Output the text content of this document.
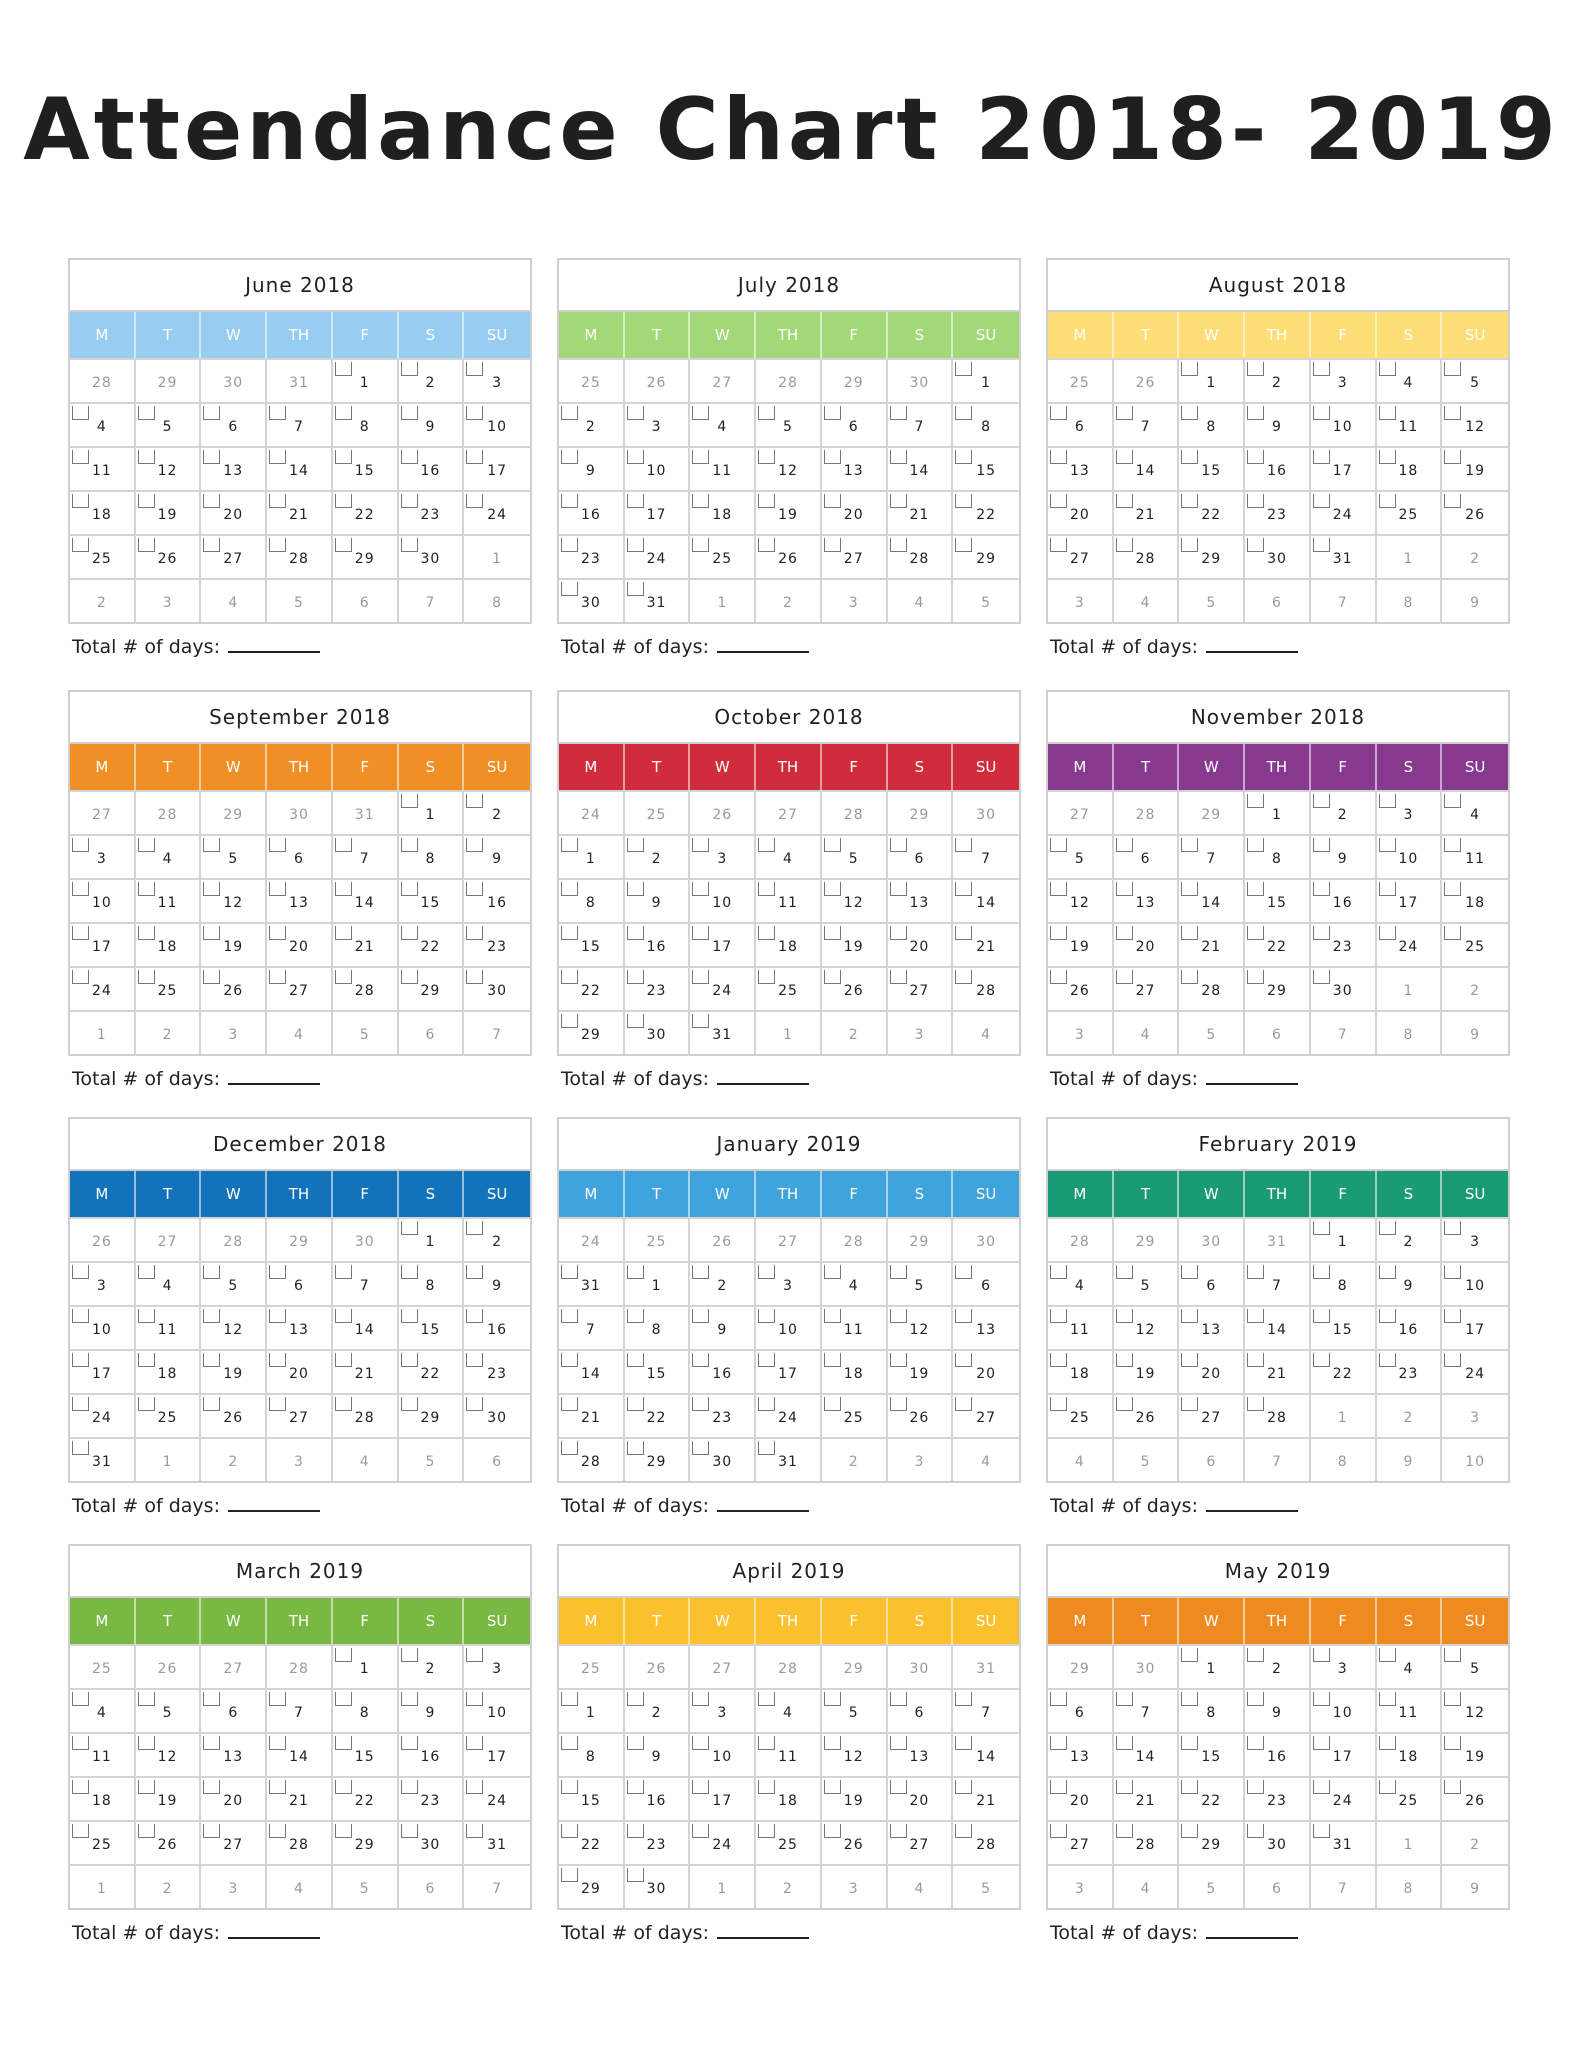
Attendance Chart 2018- 2019
June 2018
M	T	W	TH	F	S	SU
28	29	30	31	1	2	3
4	5	6	7	8	9	10
11	12	13	14	15	16	17
18	19	20	21	22	23	24
25	26	27	28	29	30	1
2	3	4	5	6	7	8
Total # of days:
July 2018
M	T	W	TH	F	S	SU
25	26	27	28	29	30	1
2	3	4	5	6	7	8
9	10	11	12	13	14	15
16	17	18	19	20	21	22
23	24	25	26	27	28	29
30	31	1	2	3	4	5
Total # of days:
August 2018
M	T	W	TH	F	S	SU
25	26	1	2	3	4	5
6	7	8	9	10	11	12
13	14	15	16	17	18	19
20	21	22	23	24	25	26
27	28	29	30	31	1	2
3	4	5	6	7	8	9
Total # of days:
September 2018
M	T	W	TH	F	S	SU
27	28	29	30	31	1	2
3	4	5	6	7	8	9
10	11	12	13	14	15	16
17	18	19	20	21	22	23
24	25	26	27	28	29	30
1	2	3	4	5	6	7
Total # of days:
October 2018
M	T	W	TH	F	S	SU
24	25	26	27	28	29	30
1	2	3	4	5	6	7
8	9	10	11	12	13	14
15	16	17	18	19	20	21
22	23	24	25	26	27	28
29	30	31	1	2	3	4
Total # of days:
November 2018
M	T	W	TH	F	S	SU
27	28	29	1	2	3	4
5	6	7	8	9	10	11
12	13	14	15	16	17	18
19	20	21	22	23	24	25
26	27	28	29	30	1	2
3	4	5	6	7	8	9
Total # of days:
December 2018
M	T	W	TH	F	S	SU
26	27	28	29	30	1	2
3	4	5	6	7	8	9
10	11	12	13	14	15	16
17	18	19	20	21	22	23
24	25	26	27	28	29	30
31	1	2	3	4	5	6
Total # of days:
January 2019
M	T	W	TH	F	S	SU
24	25	26	27	28	29	30
31	1	2	3	4	5	6
7	8	9	10	11	12	13
14	15	16	17	18	19	20
21	22	23	24	25	26	27
28	29	30	31	2	3	4
Total # of days:
February 2019
M	T	W	TH	F	S	SU
28	29	30	31	1	2	3
4	5	6	7	8	9	10
11	12	13	14	15	16	17
18	19	20	21	22	23	24
25	26	27	28	1	2	3
4	5	6	7	8	9	10
Total # of days:
March 2019
M	T	W	TH	F	S	SU
25	26	27	28	1	2	3
4	5	6	7	8	9	10
11	12	13	14	15	16	17
18	19	20	21	22	23	24
25	26	27	28	29	30	31
1	2	3	4	5	6	7
Total # of days:
April 2019
M	T	W	TH	F	S	SU
25	26	27	28	29	30	31
1	2	3	4	5	6	7
8	9	10	11	12	13	14
15	16	17	18	19	20	21
22	23	24	25	26	27	28
29	30	1	2	3	4	5
Total # of days:
May 2019
M	T	W	TH	F	S	SU
29	30	1	2	3	4	5
6	7	8	9	10	11	12
13	14	15	16	17	18	19
20	21	22	23	24	25	26
27	28	29	30	31	1	2
3	4	5	6	7	8	9
Total # of days:
